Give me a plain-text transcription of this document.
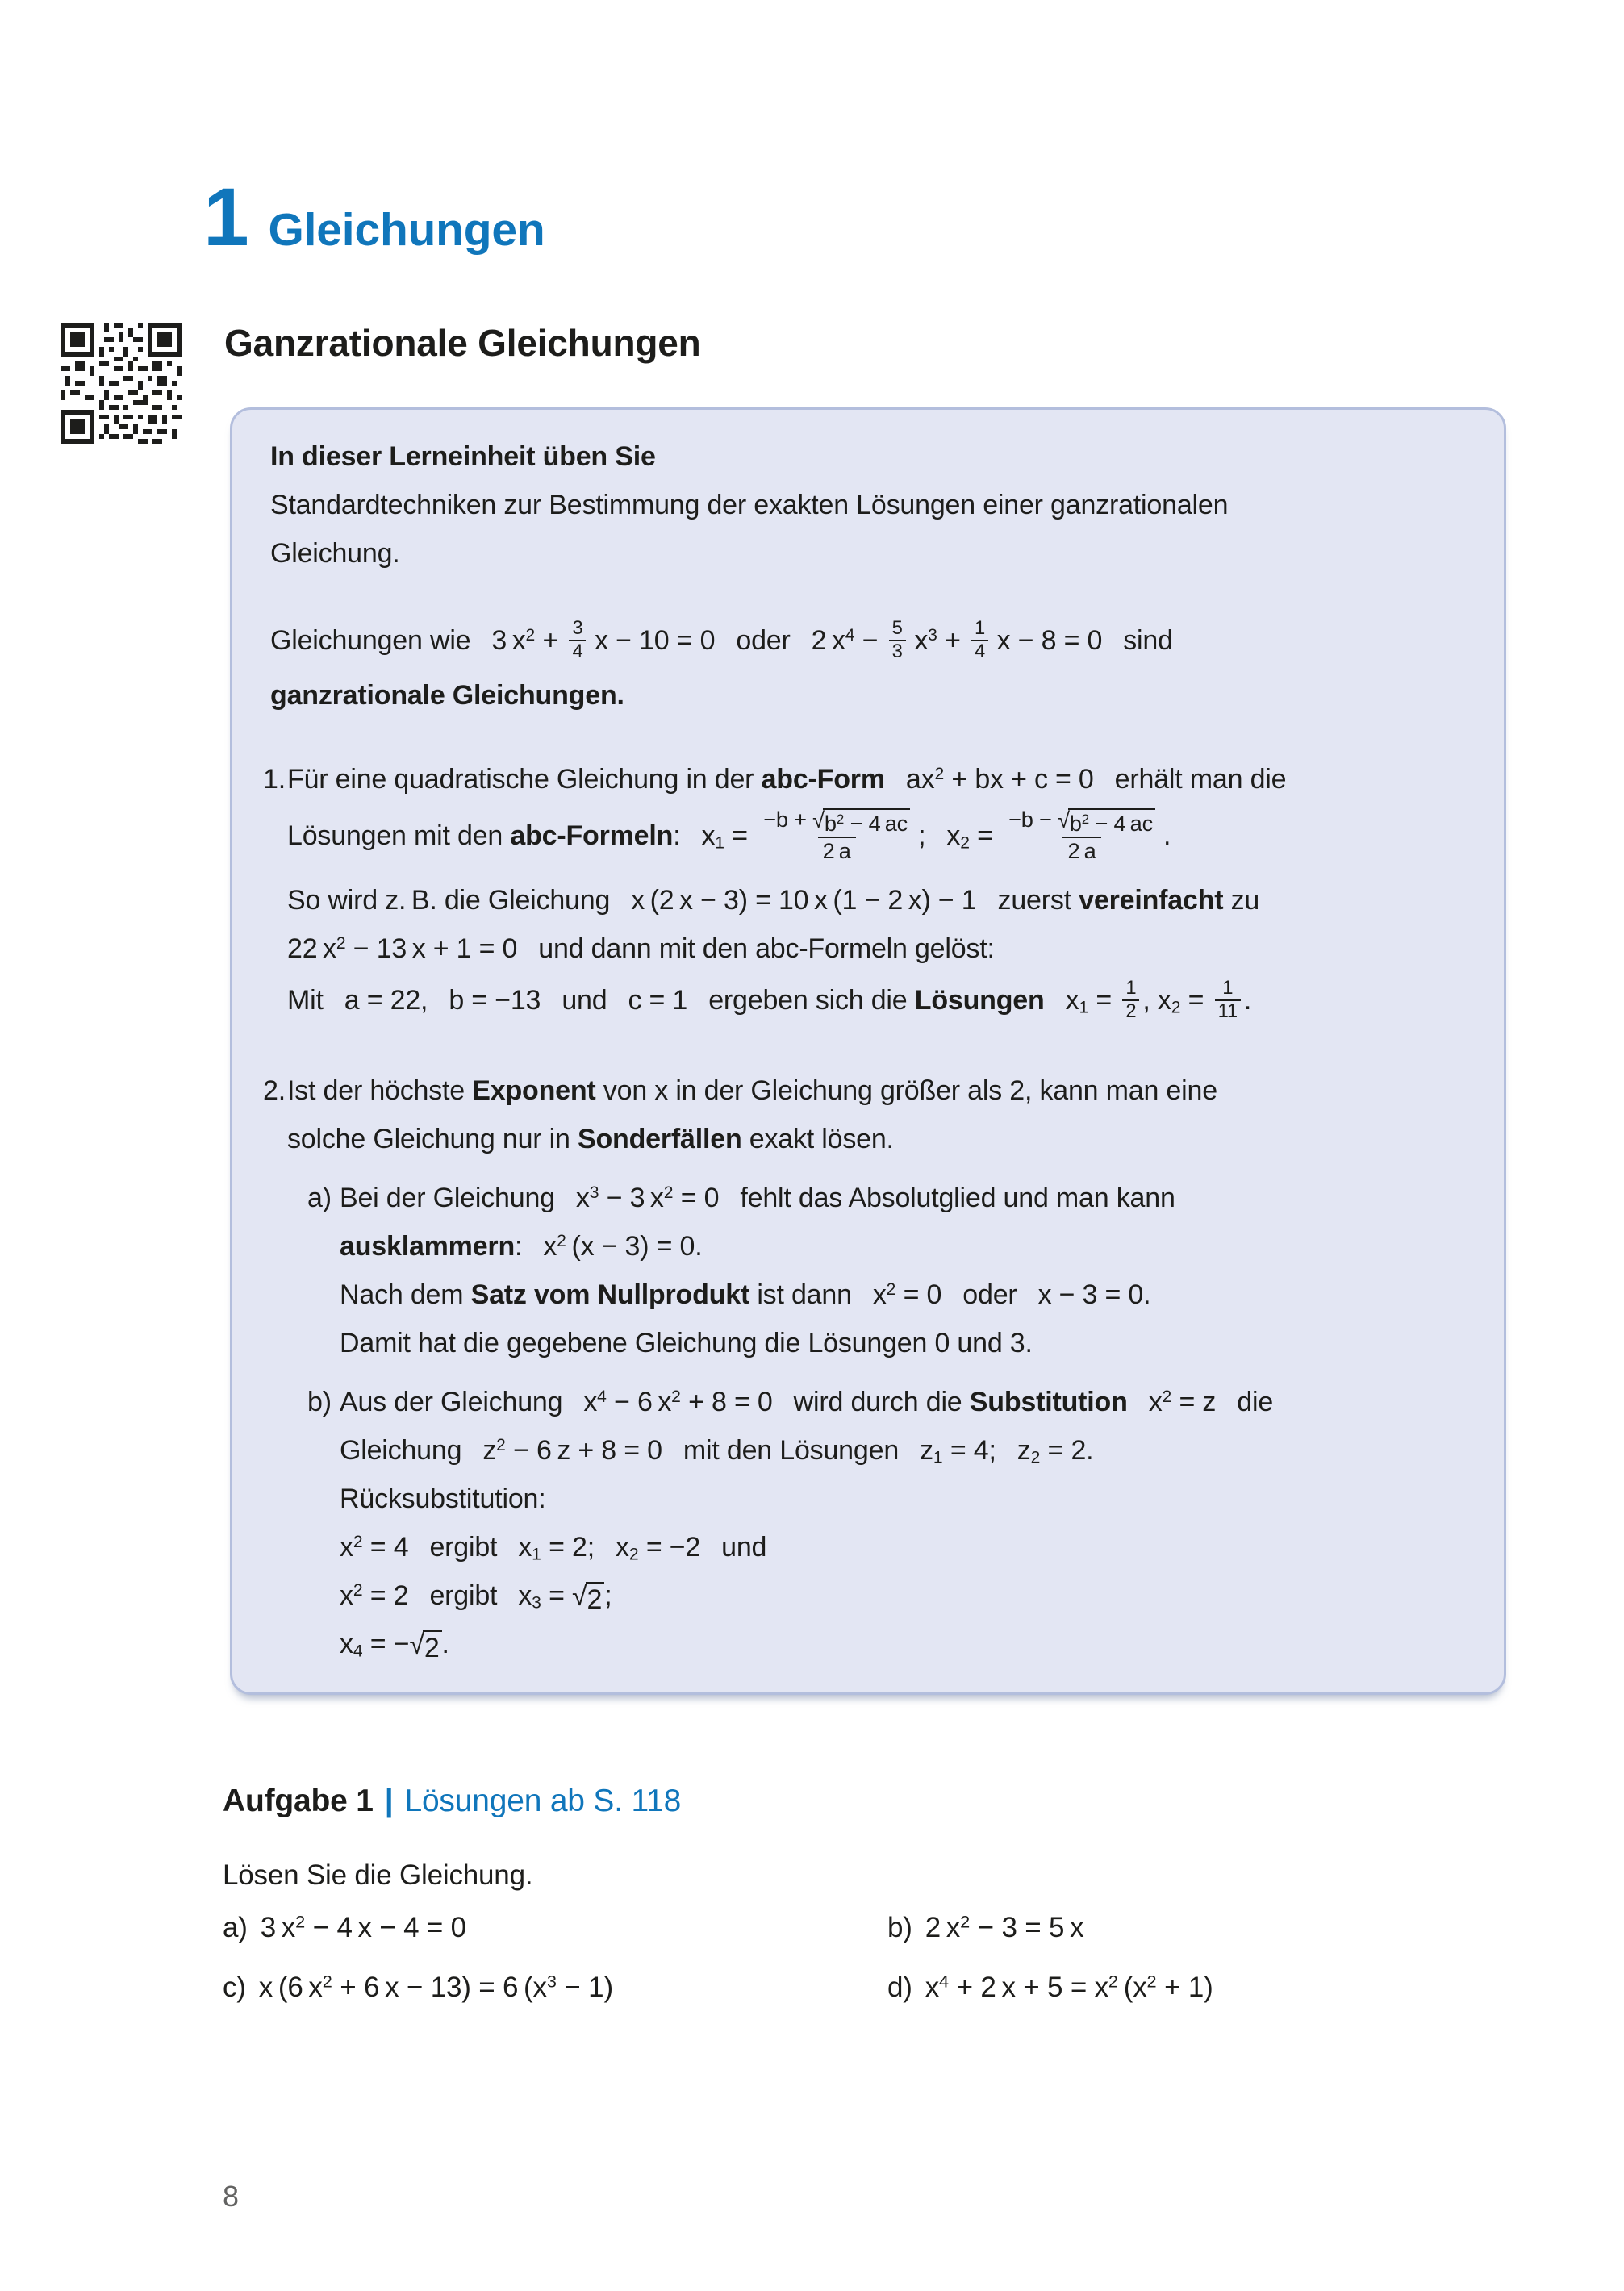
1 Gleichungen
Ganzrationale Gleichungen
In dieser Lerneinheit üben Sie
Standardtechniken zur Bestimmung der exakten Lösungen einer ganzrationalen
Gleichung.
Gleichungen wie  3 $x^2 + \frac{3}{4}$  x − 10 = 0  oder  2 $x^4 - \frac{5}{3} x^3 + \frac{1}{4}$  x − 8 = 0  sind
ganzrationale Gleichungen.
1. Für eine quadratische Gleichung in der abc-Form  $ax^2$ + bx + c = 0  erhält man die
Lösungen mit den abc-Formeln:  $x_1 = \frac{-b + √ b^2 - 4 ac}{2 a}$ ;  $x_2 = \frac{-b - √ b^2 - 4 ac}{2 a}$ .
So wird z. B. die Gleichung  x (2 x − 3) = 10 x (1 − 2 x) − 1  zuerst vereinfacht zu
22 $x^2 - 13$ x + 1 = 0  und dann mit den abc-Formeln gelöst:
Mit  a = 22,  b = −13  und  c = 1  ergeben sich die Lösungen  $x_1 = \frac{1}{2}$ , $x_2 = \frac{1}{11}$ .
2. Ist der höchste Exponent von x in der Gleichung größer als 2, kann man eine
solche Gleichung nur in Sonderfällen exakt lösen.
a) Bei der Gleichung  $x^3 - 3$ $x^2 = 0$  fehlt das Absolutglied und man kann
ausklammern:  $x^2$ (x − 3) = 0.
Nach dem Satz vom Nullprodukt ist dann  $x^2 = 0$  oder  x − 3 = 0.
Damit hat die gegebene Gleichung die Lösungen 0 und 3.
b) Aus der Gleichung  $x^4 - 6$ $x^2 + 8 = 0$  wird durch die Substitution  $x^2 = z$  die
Gleichung  $z^2 - 6$ z + 8 = 0  mit den Lösungen  $z_1 = 4$;  $z_2 = 2$.
Rücksubstitution:
$x^2 = 4$  ergibt  $x_1 = 2$;  $x_2 = -2$  und
$x^2 = 2$  ergibt  $x_3$ = √ 2 ;
$x_4$ = − √ 2 .
Aufgabe 1 | Lösungen ab S. 118

Lösen Sie die Gleichung.

a) 3 $x^2 - 4$ x − 4 = 0	b) 2 $x^2 - 3 = 5$ x
c) x (6 $x^2 + 6$ x − 13) = 6 $(x^3 - 1)$	d) $x^4 + 2$ $x + 5 = x^2$ $(x^2 + 1)$
8
